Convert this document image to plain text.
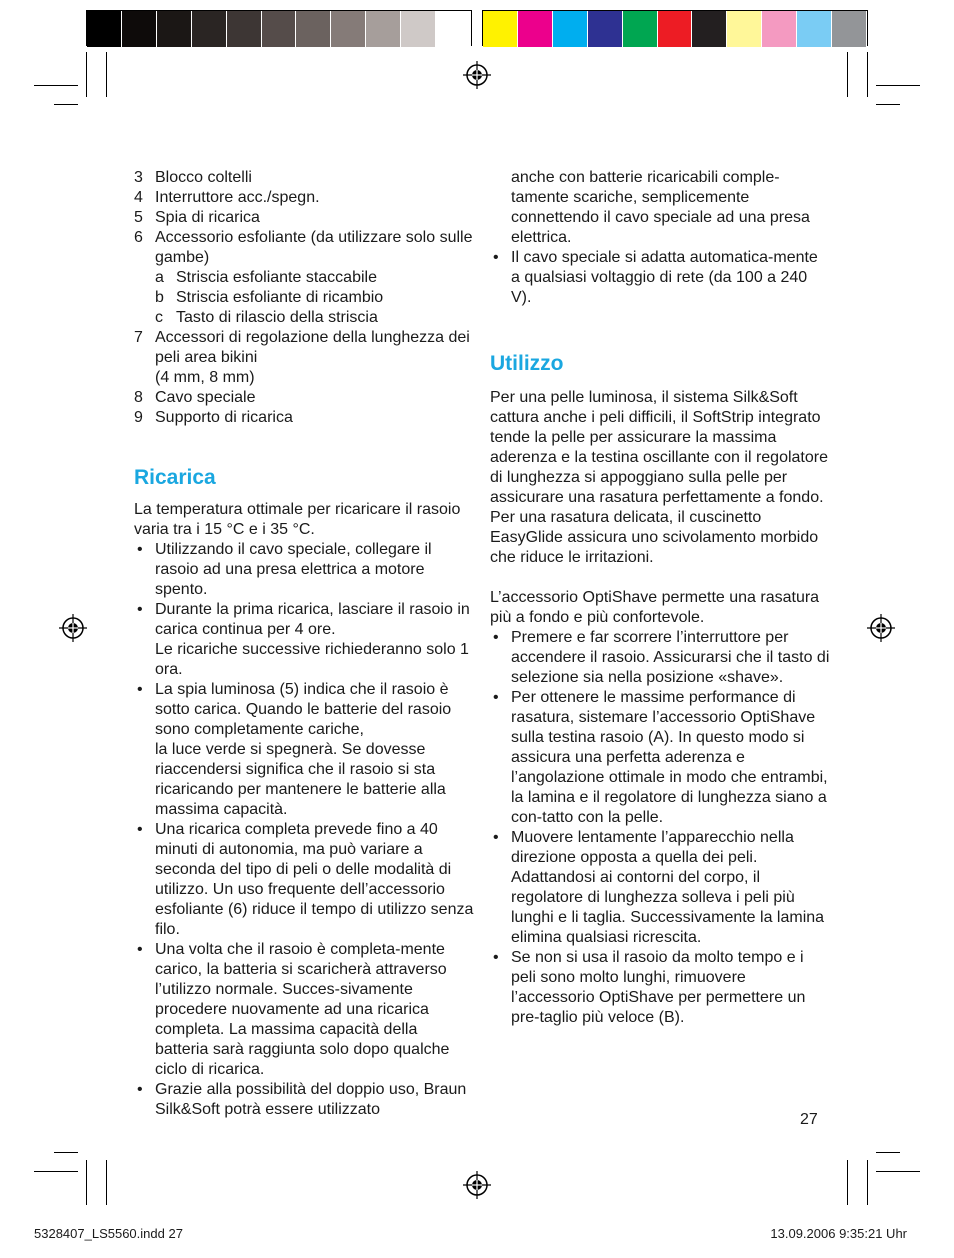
3 Blocco coltelli
4 Interruttore acc./spegn.
5 Spia di ricarica
6 Accessorio esfoliante (da utilizzare solo sulle gambe)
a Striscia esfoliante staccabile
b Striscia esfoliante di ricambio
c Tasto di rilascio della striscia
7 Accessori di regolazione della lunghezza dei peli area bikini
(4 mm, 8 mm)
8 Cavo speciale
9 Supporto di ricarica
Ricarica

La temperatura ottimale per ricaricare il rasoio varia tra i 15 °C e i 35 °C.

• Utilizzando il cavo speciale, collegare il rasoio ad una presa elettrica a motore spento.
• Durante la prima ricarica, lasciare il rasoio in carica continua per 4 ore.
Le ricariche successive richiederanno solo 1 ora.
• La spia luminosa (5) indica che il rasoio è sotto carica. Quando le batterie del rasoio sono completamente cariche,
la luce verde si spegnerà. Se dovesse riaccendersi significa che il rasoio si sta ricaricando per mantenere le batterie alla massima capacità.
• Una ricarica completa prevede fino a 40 minuti di autonomia, ma può variare a seconda del tipo di peli o delle modalità di utilizzo. Un uso frequente dell’accessorio esfoliante (6) riduce il tempo di utilizzo senza filo.
• Una volta che il rasoio è completa-mente carico, la batteria si scaricherà attraverso l’utilizzo normale. Succes-sivamente procedere nuovamente ad una ricarica completa. La massima capacità della batteria sarà raggiunta solo dopo qualche ciclo di ricarica.
• Grazie alla possibilità del doppio uso, Braun Silk&Soft potrà essere utilizzato

anche con batterie ricaricabili comple-tamente scariche, semplicemente connettendo il cavo speciale ad una presa elettrica.

• Il cavo speciale si adatta automatica-mente a qualsiasi voltaggio di rete (da 100 a 240 V).
Utilizzo

Per una pelle luminosa, il sistema Silk&Soft cattura anche i peli difficili, il SoftStrip integrato tende la pelle per assicurare la massima aderenza e la testina oscillante con il regolatore di lunghezza si appoggiano sulla pelle per assicurare una rasatura perfettamente a fondo.

Per una rasatura delicata, il cuscinetto EasyGlide assicura uno scivolamento morbido che riduce le irritazioni.

L’accessorio OptiShave permette una rasatura più a fondo e più confortevole.

• Premere e far scorrere l’interruttore per accendere il rasoio. Assicurarsi che il tasto di selezione sia nella posizione «shave».
• Per ottenere le massime performance di rasatura, sistemare l’accessorio OptiShave sulla testina rasoio (A). In questo modo si assicura una perfetta aderenza e l’angolazione ottimale in modo che entrambi, la lamina e il regolatore di lunghezza siano a con-tatto con la pelle.
• Muovere lentamente l’apparecchio nella direzione opposta a quella dei peli. Adattandosi ai contorni del corpo, il regolatore di lunghezza solleva i peli più lunghi e li taglia. Successivamente la lamina elimina qualsiasi ricrescita.
• Se non si usa il rasoio da molto tempo e i peli sono molto lunghi, rimuovere l’accessorio OptiShave per permettere un pre-taglio più veloce (B).
27
5328407_LS5560.indd 27	13.09.2006 9:35:21 Uhr
